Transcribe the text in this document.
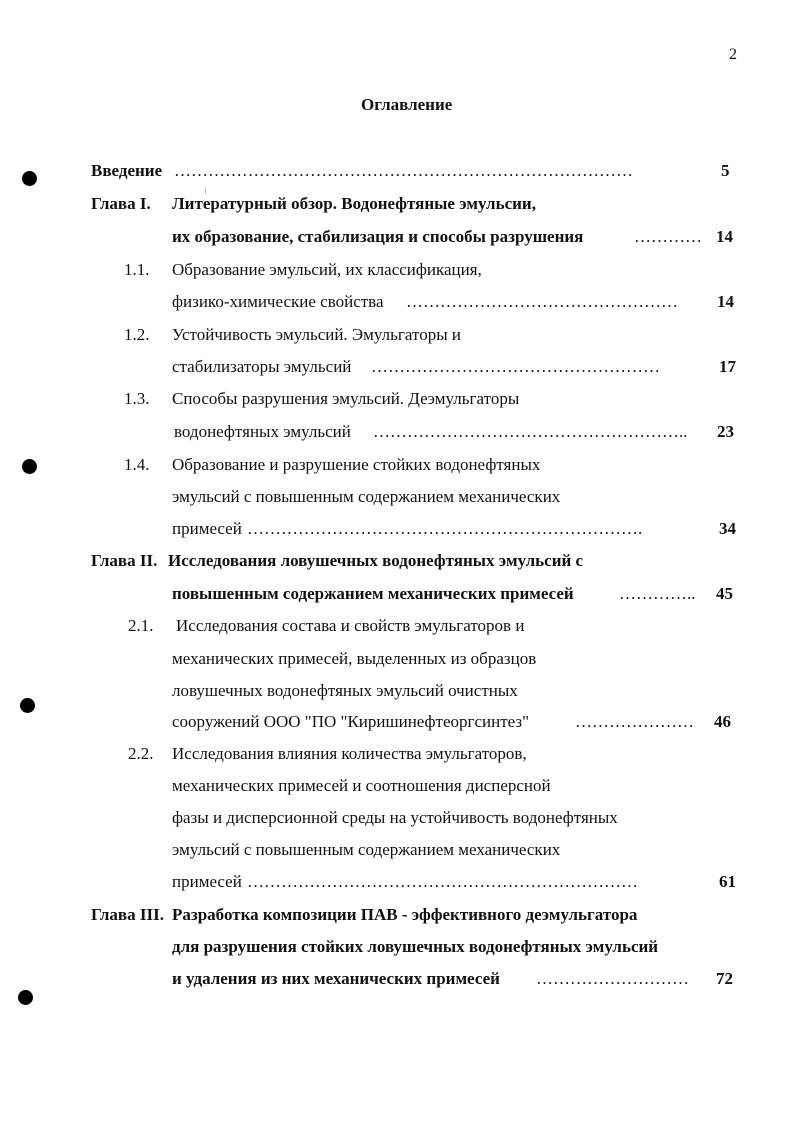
2
Оглавление
Введение ………………………………………………………………………	5
Глава I. Литературный обзор. Водонефтяные эмульсии,
их образование, стабилизация и способы разрушения	………… 14
1.1. Образование эмульсий, их классификация,
физико-химические свойства ………………………………………… 14
1.2. Устойчивость эмульсий. Эмульгаторы и
стабилизаторы эмульсий ……………………………………………	17
1.3. Способы разрушения эмульсий. Деэмульгаторы
водонефтяных эмульсий ……………………………………………….. 23
1.4. Образование и разрушение стойких водонефтяных
эмульсий с повышенным содержанием механических
примесей …………………………………………………………….	34
Глава II. Исследования ловушечных водонефтяных эмульсий с
повышенным содержанием механических примесей	………….. 45
2.1. Исследования состава и свойств эмульгаторов и
механических примесей, выделенных из образцов
ловушечных водонефтяных эмульсий очистных
сооружений ООО "ПО "Киришинефтеоргсинтез"	………………… 46
2.2. Исследования влияния количества эмульгаторов,
механических примесей и соотношения дисперсной
фазы и дисперсионной среды на устойчивость водонефтяных
эмульсий с повышенным содержанием механических
примесей ……………………………………………………………	61
Глава III. Разработка композиции ПАВ - эффективного деэмульгатора
для разрушения стойких ловушечных водонефтяных эмульсий
и удаления из них механических примесей ……………………… 72
